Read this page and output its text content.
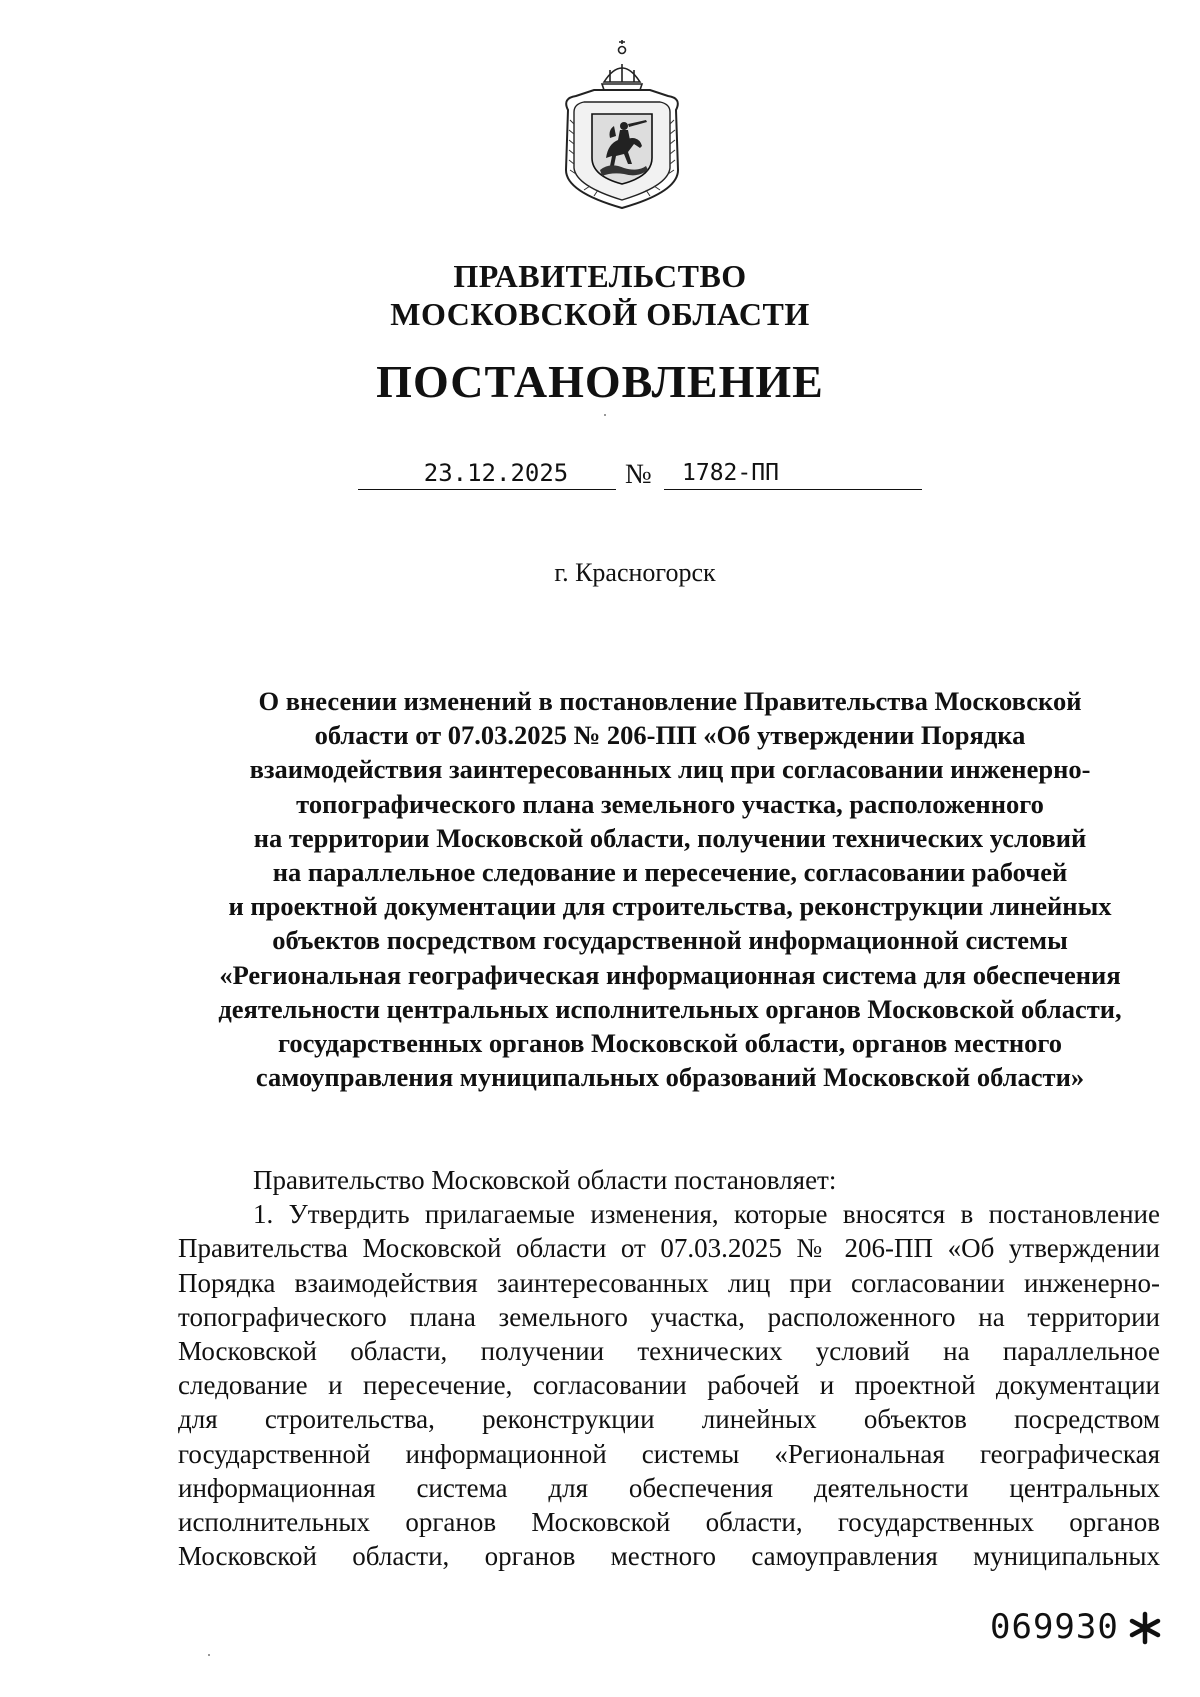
ПРАВИТЕЛЬСТВО
МОСКОВСКОЙ ОБЛАСТИ
ПОСТАНОВЛЕНИЕ
23.12.2025	№	1782-ПП
г. Красногорск
О внесении изменений в постановление Правительства Московской
области от 07.03.2025 № 206-ПП «Об утверждении Порядка
взаимодействия заинтересованных лиц при согласовании инженерно-
топографического плана земельного участка, расположенного
на территории Московской области, получении технических условий
на параллельное следование и пересечение, согласовании рабочей
и проектной документации для строительства, реконструкции линейных
объектов посредством государственной информационной системы
«Региональная географическая информационная система для обеспечения
деятельности центральных исполнительных органов Московской области,
государственных органов Московской области, органов местного
самоуправления муниципальных образований Московской области»
Правительство Московской области постановляет:
1. Утвердить прилагаемые изменения, которые вносятся в постановление
Правительства Московской области от 07.03.2025 № 206-ПП «Об утверждении
Порядка взаимодействия заинтересованных лиц при согласовании инженерно-
топографического плана земельного участка, расположенного на территории
Московской области, получении технических условий на параллельное
следование и пересечение, согласовании рабочей и проектной документации
для строительства, реконструкции линейных объектов посредством
государственной информационной системы «Региональная географическая
информационная система для обеспечения деятельности центральных
исполнительных органов Московской области, государственных органов
Московской области, органов местного самоуправления муниципальных
069930
